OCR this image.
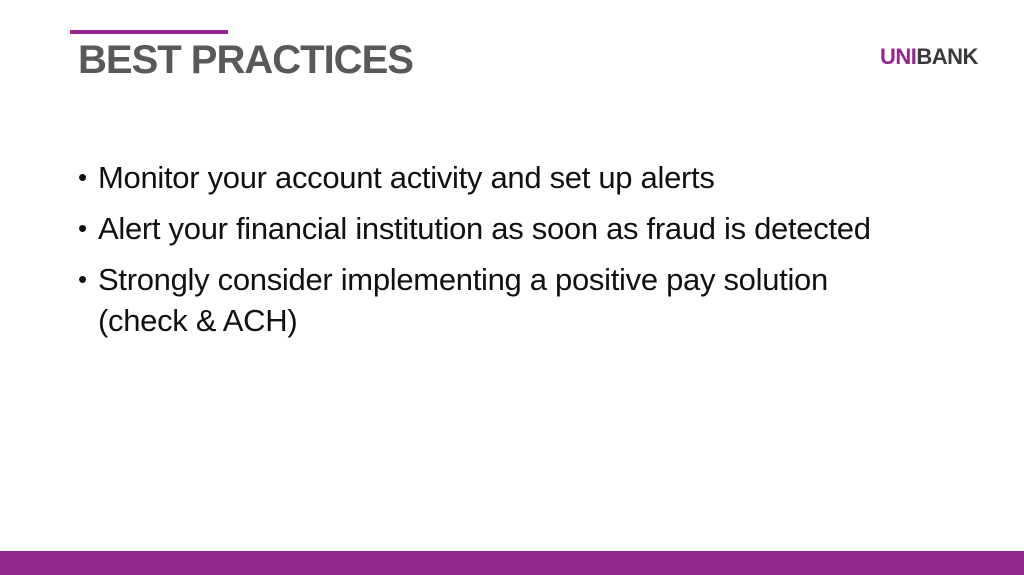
BEST PRACTICES	UNIBANK
• Monitor your account activity and set up alerts
• Alert your financial institution as soon as fraud is detected
• Strongly consider implementing a positive pay solution (check & ACH)
